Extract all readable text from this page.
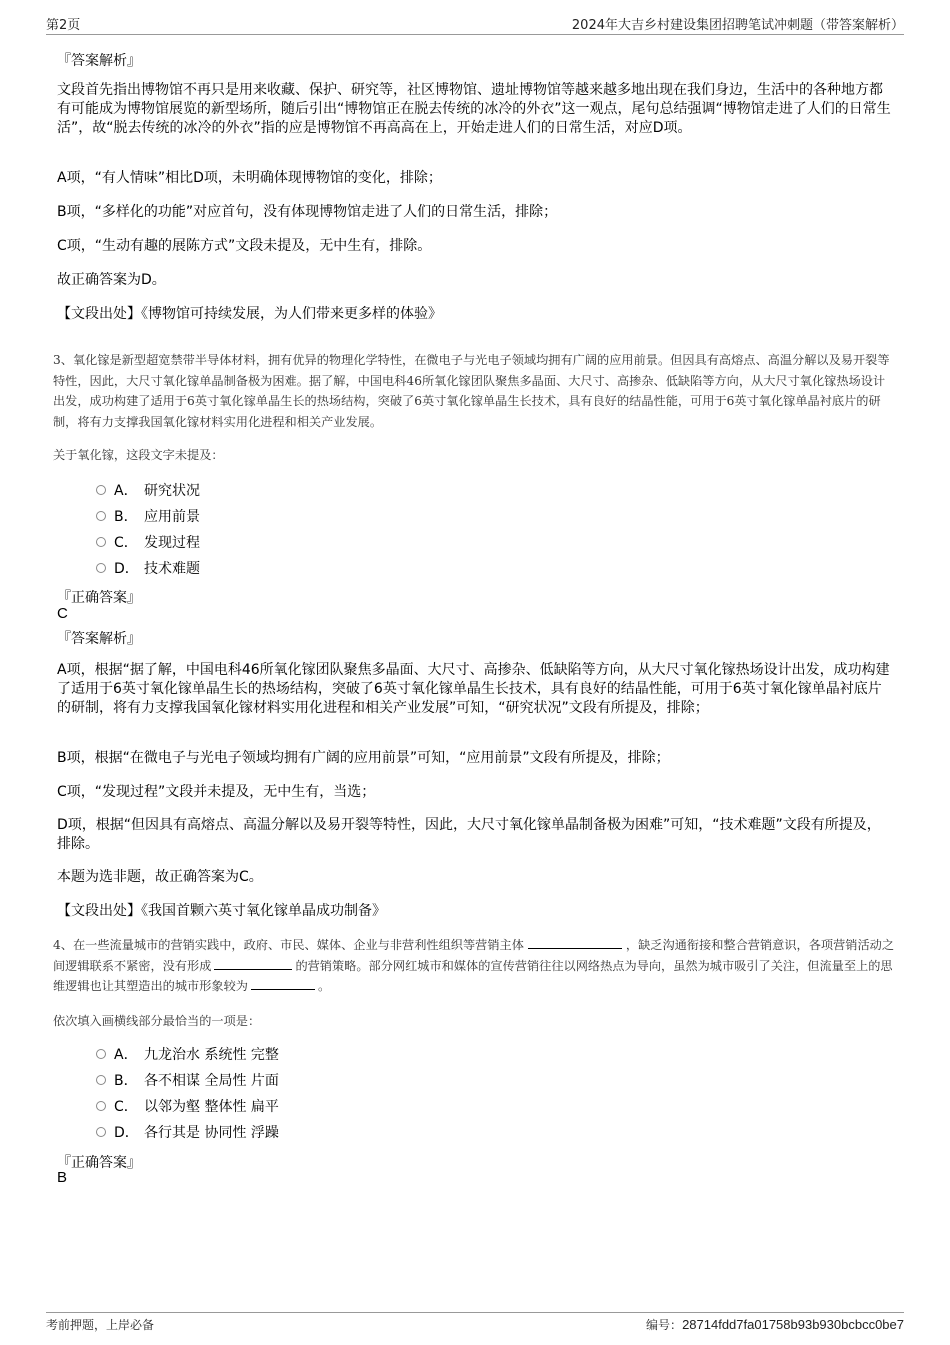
第2页	2024年大吉乡村建设集团招聘笔试冲刺题（带答案解析）
『答案解析』
文段首先指出博物馆不再只是用来收藏、保护、研究等，社区博物馆、遗址博物馆等越来越多地出现在我们身边，生活中的各种地方都有可能成为博物馆展览的新型场所，随后引出“博物馆正在脱去传统的冰冷的外衣”这一观点，尾句总结强调“博物馆走进了人们的日常生活”，故“脱去传统的冰冷的外衣”指的应是博物馆不再高高在上，开始走进人们的日常生活，对应D项。
A项，“有人情味”相比D项，未明确体现博物馆的变化，排除；
B项，“多样化的功能”对应首句，没有体现博物馆走进了人们的日常生活，排除；
C项，“生动有趣的展陈方式”文段未提及，无中生有，排除。
故正确答案为D。
【文段出处】《博物馆可持续发展，为人们带来更多样的体验》
3、氧化镓是新型超宽禁带半导体材料，拥有优异的物理化学特性，在微电子与光电子领域均拥有广阔的应用前景。但因具有高熔点、高温分解以及易开裂等特性，因此，大尺寸氧化镓单晶制备极为困难。据了解，中国电科46所氧化镓团队聚焦多晶面、大尺寸、高掺杂、低缺陷等方向，从大尺寸氧化镓热场设计出发，成功构建了适用于6英寸氧化镓单晶生长的热场结构，突破了6英寸氧化镓单晶生长技术，具有良好的结晶性能，可用于6英寸氧化镓单晶衬底片的研制，将有力支撑我国氧化镓材料实用化进程和相关产业发展。
关于氧化镓，这段文字未提及：
A． 研究状况
B． 应用前景
C． 发现过程
D． 技术难题
『正确答案』
C
『答案解析』
A项，根据“据了解，中国电科46所氧化镓团队聚焦多晶面、大尺寸、高掺杂、低缺陷等方向，从大尺寸氧化镓热场设计出发，成功构建了适用于6英寸氧化镓单晶生长的热场结构，突破了6英寸氧化镓单晶生长技术，具有良好的结晶性能，可用于6英寸氧化镓单晶衬底片的研制，将有力支撑我国氧化镓材料实用化进程和相关产业发展”可知，“研究状况”文段有所提及，排除；
B项，根据“在微电子与光电子领域均拥有广阔的应用前景”可知，“应用前景”文段有所提及，排除；
C项，“发现过程”文段并未提及，无中生有，当选；
D项，根据“但因具有高熔点、高温分解以及易开裂等特性，因此，大尺寸氧化镓单晶制备极为困难”可知，“技术难题”文段有所提及，排除。
本题为选非题，故正确答案为C。
【文段出处】《我国首颗六英寸氧化镓单晶成功制备》
4、在一些流量城市的营销实践中，政府、市民、媒体、企业与非营利性组织等营销主体	，缺乏沟通衔接和整合营销意识，各项营销活动之间逻辑联系不紧密，没有形成	的营销策略。部分网红城市和媒体的宣传营销往往以网络热点为导向，虽然为城市吸引了关注，但流量至上的思维逻辑也让其塑造出的城市形象较为	。
依次填入画横线部分最恰当的一项是：
A． 九龙治水 系统性 完整
B． 各不相谋 全局性 片面
C． 以邻为壑 整体性 扁平
D． 各行其是 协同性 浮躁
『正确答案』
B
考前押题，上岸必备	编号：28714fdd7fa01758b93b930bcbcc0be7
